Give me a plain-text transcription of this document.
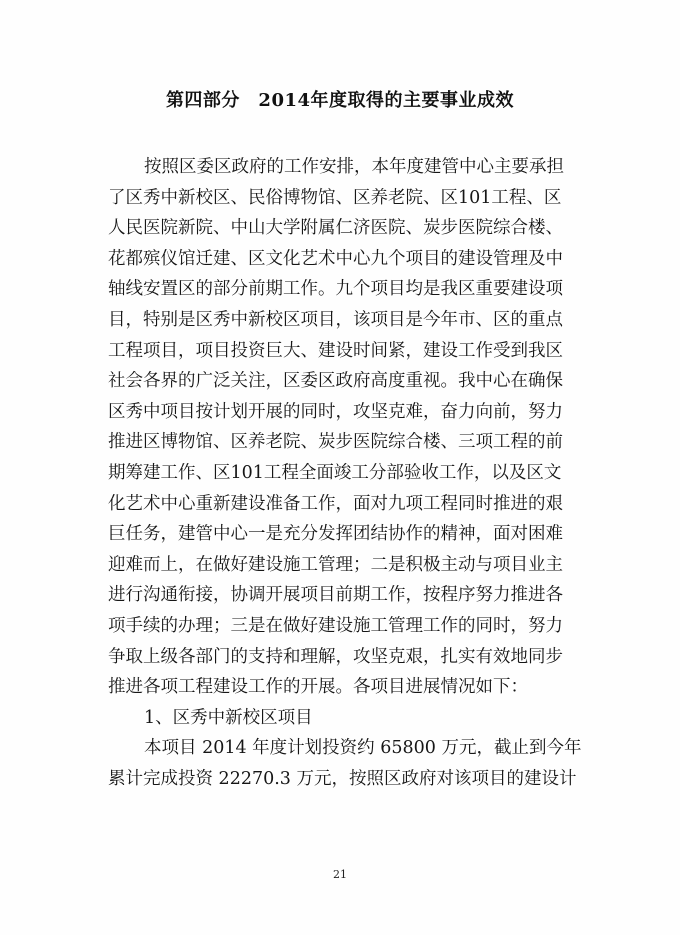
第四部分　2014年度取得的主要事业成效
按照区委区政府的工作安排，本年度建管中心主要承担
了区秀中新校区、民俗博物馆、区养老院、区101工程、区
人民医院新院、中山大学附属仁济医院、炭步医院综合楼、
花都殡仪馆迁建、区文化艺术中心九个项目的建设管理及中
轴线安置区的部分前期工作。九个项目均是我区重要建设项
目，特别是区秀中新校区项目，该项目是今年市、区的重点
工程项目，项目投资巨大、建设时间紧，建设工作受到我区
社会各界的广泛关注，区委区政府高度重视。我中心在确保
区秀中项目按计划开展的同时，攻坚克难，奋力向前，努力
推进区博物馆、区养老院、炭步医院综合楼、三项工程的前
期筹建工作、区101工程全面竣工分部验收工作，以及区文
化艺术中心重新建设准备工作，面对九项工程同时推进的艰
巨任务，建管中心一是充分发挥团结协作的精神，面对困难
迎难而上，在做好建设施工管理；二是积极主动与项目业主
进行沟通衔接，协调开展项目前期工作，按程序努力推进各
项手续的办理；三是在做好建设施工管理工作的同时，努力
争取上级各部门的支持和理解，攻坚克艰，扎实有效地同步
推进各项工程建设工作的开展。各项目进展情况如下：
1、区秀中新校区项目
本项目 2014 年度计划投资约 65800 万元，截止到今年
累计完成投资 22270.3 万元，按照区政府对该项目的建设计
21
